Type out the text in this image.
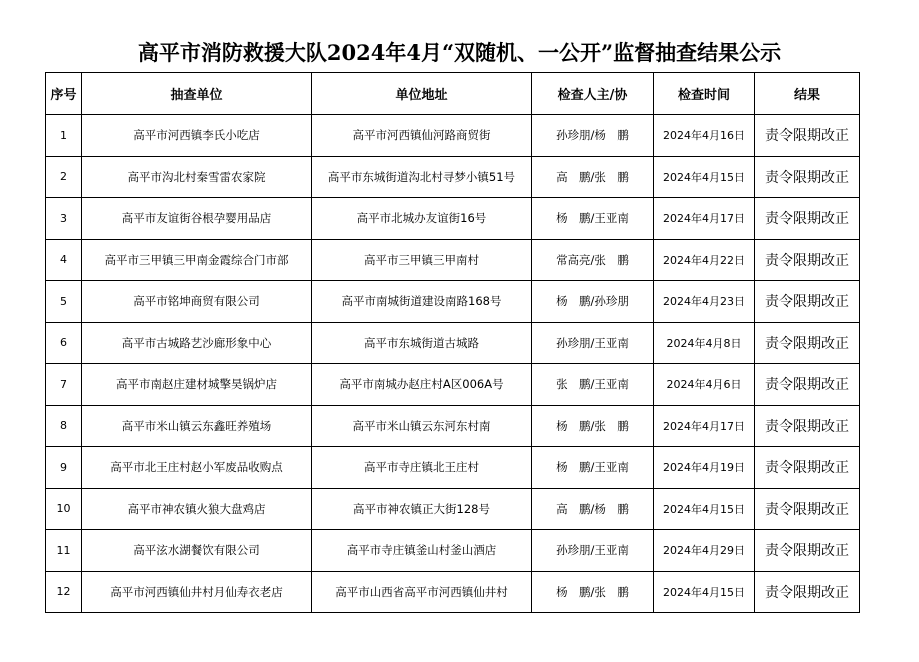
高平市消防救援大队2024年4月“双随机、一公开”监督抽查结果公示
序号	抽查单位	单位地址	检查人主/协	检查时间	结果
1	高平市河西镇李氏小吃店	高平市河西镇仙河路商贸街	孙珍朋/杨　鹏	2024年4月16日	责令限期改正
2	高平市沟北村秦雪雷农家院	高平市东城街道沟北村寻梦小镇51号	高　鹏/张　鹏	2024年4月15日	责令限期改正
3	高平市友谊街谷根孕婴用品店	高平市北城办友谊街16号	杨　鹏/王亚南	2024年4月17日	责令限期改正
4	高平市三甲镇三甲南金霞综合门市部	高平市三甲镇三甲南村	常高亮/张　鹏	2024年4月22日	责令限期改正
5	高平市铭坤商贸有限公司	高平市南城街道建设南路168号	杨　鹏/孙珍朋	2024年4月23日	责令限期改正
6	高平市古城路艺沙廊形象中心	高平市东城街道古城路	孙珍朋/王亚南	2024年4月8日	责令限期改正
7	高平市南赵庄建材城擎昊锅炉店	高平市南城办赵庄村A区006A号	张　鹏/王亚南	2024年4月6日	责令限期改正
8	高平市米山镇云东鑫旺养殖场	高平市米山镇云东河东村南	杨　鹏/张　鹏	2024年4月17日	责令限期改正
9	高平市北王庄村赵小军废品收购点	高平市寺庄镇北王庄村	杨　鹏/王亚南	2024年4月19日	责令限期改正
10	高平市神农镇火狼大盘鸡店	高平市神农镇正大街128号	高　鹏/杨　鹏	2024年4月15日	责令限期改正
11	高平泫水湖餐饮有限公司	高平市寺庄镇釜山村釜山酒店	孙珍朋/王亚南	2024年4月29日	责令限期改正
12	高平市河西镇仙井村月仙寿衣老店	高平市山西省高平市河西镇仙井村	杨　鹏/张　鹏	2024年4月15日	责令限期改正
